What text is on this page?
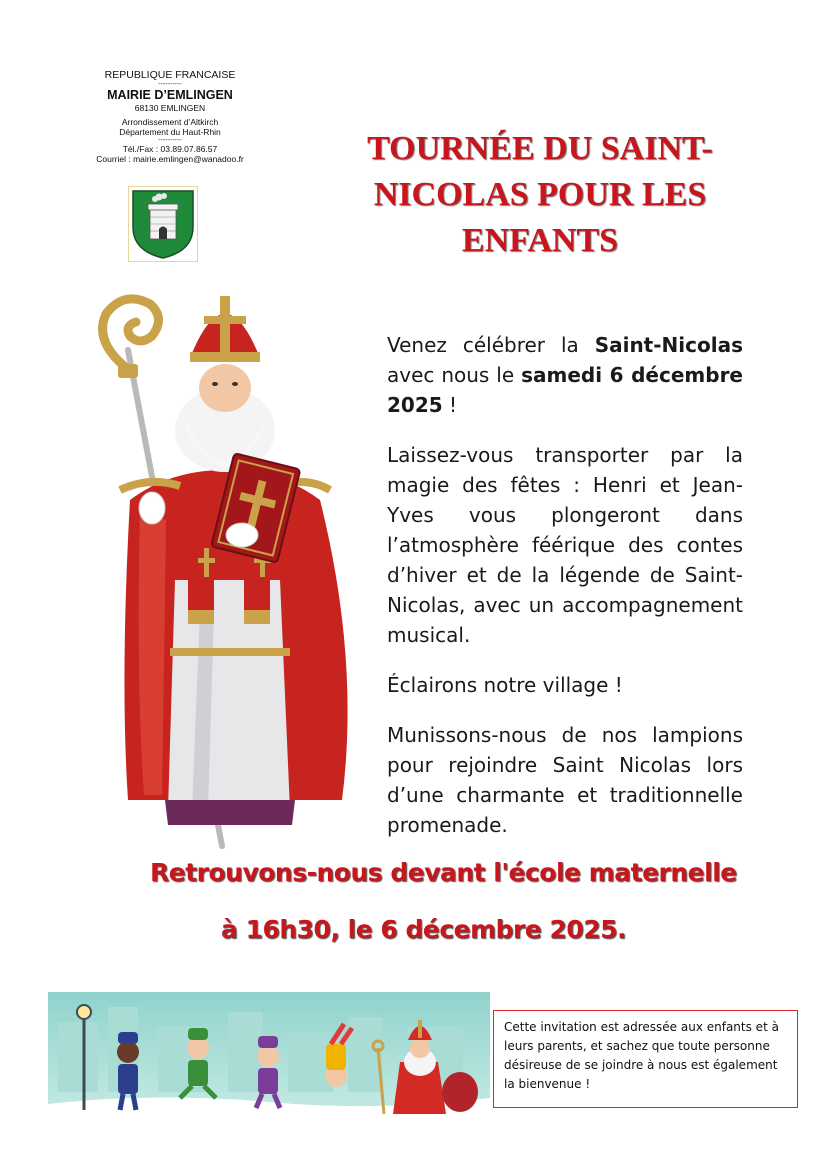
REPUBLIQUE FRANCAISE
----------
MAIRIE D’EMLINGEN
68130 EMLINGEN
Arrondissement d’Altkirch
Département du Haut-Rhin
----------
Tél./Fax : 03.89.07.86.57
Courriel : mairie.emlingen@wanadoo.fr	TOURNÉE DU SAINT-NICOLAS POUR LES ENFANTS

Venez célébrer la Saint-Nicolas avec nous le samedi 6 décembre 2025 !

Laissez-vous transporter par la magie des fêtes : Henri et Jean-Yves vous plongeront dans l’atmosphère féérique des contes d’hiver et de la légende de Saint-Nicolas, avec un accompagnement musical.

Éclairons notre village !

Munissons-nous de nos lampions pour rejoindre Saint Nicolas lors d’une charmante et traditionnelle promenade.

Retrouvons-nous devant l'école maternelle
à 16h30, le 6 décembre 2025.
Cette invitation est adressée aux enfants et à leurs parents, et sachez que toute personne désireuse de se joindre à nous est également la bienvenue !
